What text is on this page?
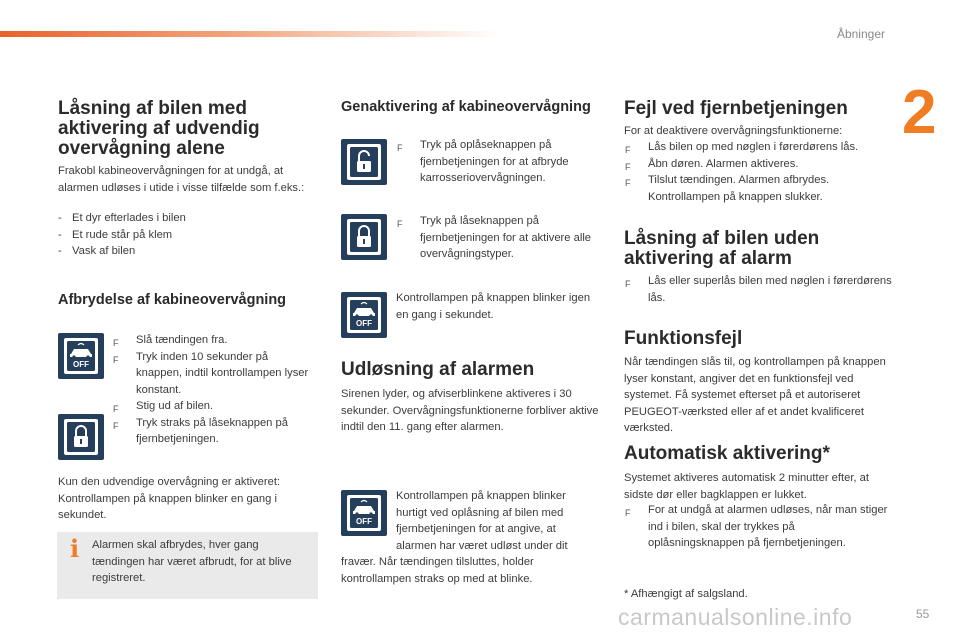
Åbninger
2
Låsning af bilen med aktivering af udvendig overvågning alene

Frakobl kabineovervågningen for at undgå, at alarmen udløses i utide i visse tilfælde som f.eks.:

- Et dyr efterlades i bilen
- Et rude står på klem
- Vask af bilen
Afbrydelse af kabineovervågning
OFF
F Slå tændingen fra.
F Tryk inden 10 sekunder på knappen, indtil kontrollampen lyser konstant.
F Stig ud af bilen.
F Tryk straks på låseknappen på fjernbetjeningen.

Kun den udvendige overvågning er aktiveret: Kontrollampen på knappen blinker en gang i sekundet.

i Alarmen skal afbrydes, hver gang tændingen har været afbrudt, for at blive registreret.

Genaktivering af kabineovervågning
F Tryk på oplåseknappen på fjernbetjeningen for at afbryde karrosseriovervågningen.
F Tryk på låseknappen på fjernbetjeningen for at aktivere alle overvågningstyper.
OFF

Kontrollampen på knappen blinker igen en gang i sekundet.

Udløsning af alarmen

Sirenen lyder, og afviserblinkene aktiveres i 30 sekunder. Overvågningsfunktionerne forbliver aktive indtil den 11. gang efter alarmen.

OFF

Kontrollampen på knappen blinker hurtigt ved oplåsning af bilen med fjernbetjeningen for at angive, at alarmen har været udløst under dit fravær. Når tændingen tilsluttes, holder kontrollampen straks op med at blinke.

Fejl ved fjernbetjeningen

For at deaktivere overvågningsfunktionerne:

F Lås bilen op med nøglen i førerdørens lås.
F Åbn døren. Alarmen aktiveres.
F Tilslut tændingen. Alarmen afbrydes. Kontrollampen på knappen slukker.
Låsning af bilen uden aktivering af alarm
F Lås eller superlås bilen med nøglen i førerdørens lås.
Funktionsfejl

Når tændingen slås til, og kontrollampen på knappen lyser konstant, angiver det en funktionsfejl ved systemet. Få systemet efterset på et autoriseret PEUGEOT-værksted eller af et andet kvalificeret værksted.

Automatisk aktivering*

Systemet aktiveres automatisk 2 minutter efter, at sidste dør eller bagklappen er lukket.

F For at undgå at alarmen udløses, når man stiger ind i bilen, skal der trykkes på oplåsningsknappen på fjernbetjeningen.

* Afhængigt af salgsland.

carmanualsonline.info	55
